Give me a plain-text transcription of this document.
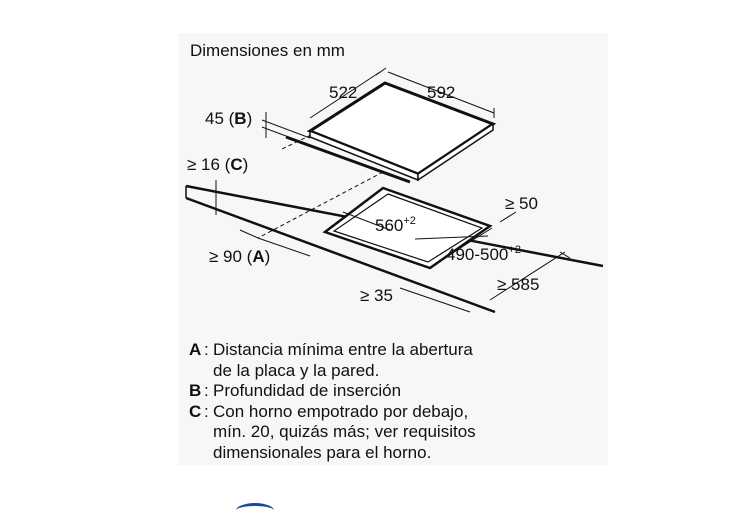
Dimensiones en mm
522	592
45 (B)
≥ 16 (C)
$560^{+2}$
$490-500^{+2}$
≥ 50
≥ 90 (A)
≥ 35
≥ 585
A : Distancia mínima entre la abertura
de la placa y la pared.
B : Profundidad de inserción
C : Con horno empotrado por debajo,
mín. 20, quizás más; ver requisitos
dimensionales para el horno.
